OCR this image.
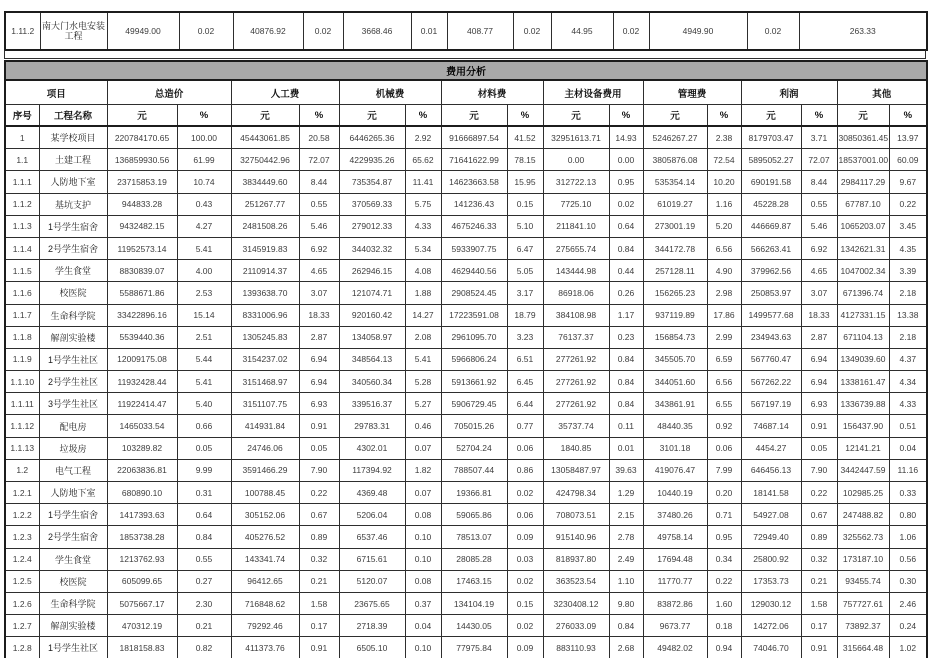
1.11.2	南大门水电安装工程	49949.00	0.02	40876.92	0.02	3668.46	0.01	408.77	0.02	44.95	0.02	4949.90	0.02	263.33
费用分析																	
项目		总造价		人工费		机械费		材料费		主材设备费用		管理费		利润		其他	
序号	工程名称	元	%	元	%	元	%	元	%	元	%	元	%	元	%	元	%
1	某学校项目	220784170.65	100.00	45443061.85	20.58	6446265.36	2.92	91666897.54	41.52	32951613.71	14.93	5246267.27	2.38	8179703.47	3.71	30850361.45	13.97
1.1	土建工程	136859930.56	61.99	32750442.96	72.07	4229935.26	65.62	71641622.99	78.15	0.00	0.00	3805876.08	72.54	5895052.27	72.07	18537001.00	60.09
1.1.1	人防地下室	23715853.19	10.74	3834449.60	8.44	735354.87	11.41	14623663.58	15.95	312722.13	0.95	535354.14	10.20	690191.58	8.44	2984117.29	9.67
1.1.2	基坑支护	944833.28	0.43	251267.77	0.55	370569.33	5.75	141236.43	0.15	7725.10	0.02	61019.27	1.16	45228.28	0.55	67787.10	0.22
1.1.3	1号学生宿舍	9432482.15	4.27	2481508.26	5.46	279012.33	4.33	4675246.33	5.10	211841.10	0.64	273001.19	5.20	446669.87	5.46	1065203.07	3.45
1.1.4	2号学生宿舍	11952573.14	5.41	3145919.83	6.92	344032.32	5.34	5933907.75	6.47	275655.74	0.84	344172.78	6.56	566263.41	6.92	1342621.31	4.35
1.1.5	学生食堂	8830839.07	4.00	2110914.37	4.65	262946.15	4.08	4629440.56	5.05	143444.98	0.44	257128.11	4.90	379962.56	4.65	1047002.34	3.39
1.1.6	校医院	5588671.86	2.53	1393638.70	3.07	121074.71	1.88	2908524.45	3.17	86918.06	0.26	156265.23	2.98	250853.97	3.07	671396.74	2.18
1.1.7	生命科学院	33422896.16	15.14	8331006.96	18.33	920160.42	14.27	17223591.08	18.79	384108.98	1.17	937119.89	17.86	1499577.68	18.33	4127331.15	13.38
1.1.8	解剖实验楼	5539440.36	2.51	1305245.83	2.87	134058.97	2.08	2961095.70	3.23	76137.37	0.23	156854.73	2.99	234943.63	2.87	671104.13	2.18
1.1.9	1号学生社区	12009175.08	5.44	3154237.02	6.94	348564.13	5.41	5966806.24	6.51	277261.92	0.84	345505.70	6.59	567760.47	6.94	1349039.60	4.37
1.1.10	2号学生社区	11932428.44	5.41	3151468.97	6.94	340560.34	5.28	5913661.92	6.45	277261.92	0.84	344051.60	6.56	567262.22	6.94	1338161.47	4.34
1.1.11	3号学生社区	11922414.47	5.40	3151107.75	6.93	339516.37	5.27	5906729.45	6.44	277261.92	0.84	343861.91	6.55	567197.19	6.93	1336739.88	4.33
1.1.12	配电房	1465033.54	0.66	414931.84	0.91	29783.31	0.46	705015.26	0.77	35737.74	0.11	48440.35	0.92	74687.14	0.91	156437.90	0.51
1.1.13	垃圾房	103289.82	0.05	24746.06	0.05	4302.01	0.07	52704.24	0.06	1840.85	0.01	3101.18	0.06	4454.27	0.05	12141.21	0.04
1.2	电气工程	22063836.81	9.99	3591466.29	7.90	117394.92	1.82	788507.44	0.86	13058487.97	39.63	419076.47	7.99	646456.13	7.90	3442447.59	11.16
1.2.1	人防地下室	680890.10	0.31	100788.45	0.22	4369.48	0.07	19366.81	0.02	424798.34	1.29	10440.19	0.20	18141.58	0.22	102985.25	0.33
1.2.2	1号学生宿舍	1417393.63	0.64	305152.06	0.67	5206.04	0.08	59065.86	0.06	708073.51	2.15	37480.26	0.71	54927.08	0.67	247488.82	0.80
1.2.3	2号学生宿舍	1853738.28	0.84	405276.52	0.89	6537.46	0.10	78513.07	0.09	915140.96	2.78	49758.14	0.95	72949.40	0.89	325562.73	1.06
1.2.4	学生食堂	1213762.93	0.55	143341.74	0.32	6715.61	0.10	28085.28	0.03	818937.80	2.49	17694.48	0.34	25800.92	0.32	173187.10	0.56
1.2.5	校医院	605099.65	0.27	96412.65	0.21	5120.07	0.08	17463.15	0.02	363523.54	1.10	11770.77	0.22	17353.73	0.21	93455.74	0.30
1.2.6	生命科学院	5075667.17	2.30	716848.62	1.58	23675.65	0.37	134104.19	0.15	3230408.12	9.80	83872.86	1.60	129030.12	1.58	757727.61	2.46
1.2.7	解剖实验楼	470312.19	0.21	79292.46	0.17	2718.39	0.04	14430.05	0.02	276033.09	0.84	9673.77	0.18	14272.06	0.17	73892.37	0.24
1.2.8	1号学生社区	1818158.83	0.82	411373.76	0.91	6505.10	0.10	77975.84	0.09	883110.93	2.68	49482.02	0.94	74046.70	0.91	315664.48	1.02
